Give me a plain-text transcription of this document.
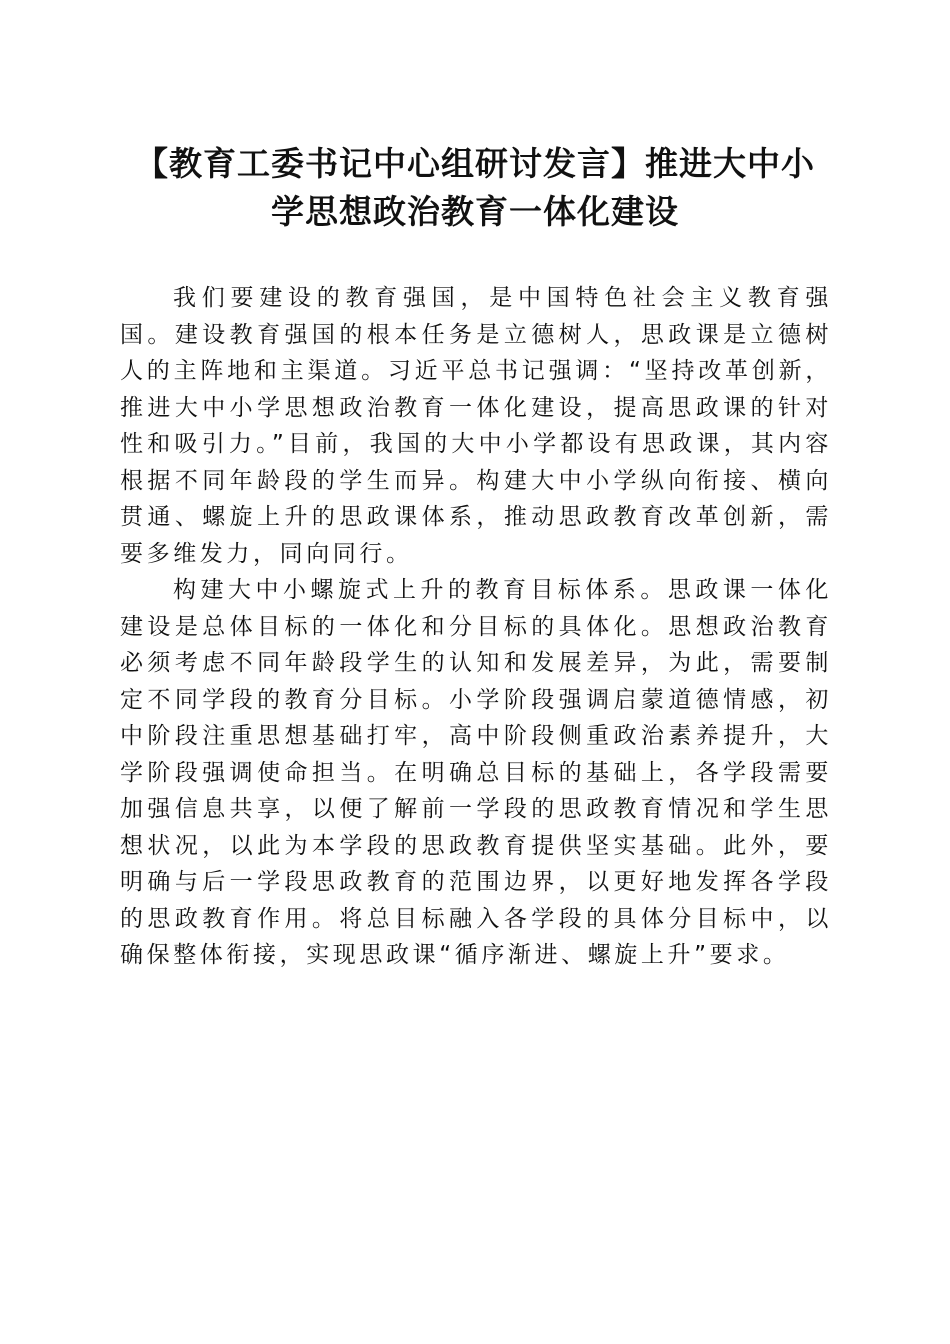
【教育工委书记中心组研讨发言】推进大中小
学思想政治教育一体化建设

我们要建设的教育强国，是中国特色社会主义教育强国。建设教育强国的根本任务是立德树人，思政课是立德树人的主阵地和主渠道。习近平总书记强调：“坚持改革创新，推进大中小学思想政治教育一体化建设，提高思政课的针对性和吸引力。”目前，我国的大中小学都设有思政课，其内容根据不同年龄段的学生而异。构建大中小学纵向衔接、横向贯通、螺旋上升的思政课体系，推动思政教育改革创新，需要多维发力，同向同行。

构建大中小螺旋式上升的教育目标体系。思政课一体化建设是总体目标的一体化和分目标的具体化。思想政治教育必须考虑不同年龄段学生的认知和发展差异，为此，需要制定不同学段的教育分目标。小学阶段强调启蒙道德情感，初中阶段注重思想基础打牢，高中阶段侧重政治素养提升，大学阶段强调使命担当。在明确总目标的基础上，各学段需要加强信息共享，以便了解前一学段的思政教育情况和学生思想状况，以此为本学段的思政教育提供坚实基础。此外，要明确与后一学段思政教育的范围边界，以更好地发挥各学段的思政教育作用。将总目标融入各学段的具体分目标中，以确保整体衔接，实现思政课“循序渐进、螺旋上升”要求。
